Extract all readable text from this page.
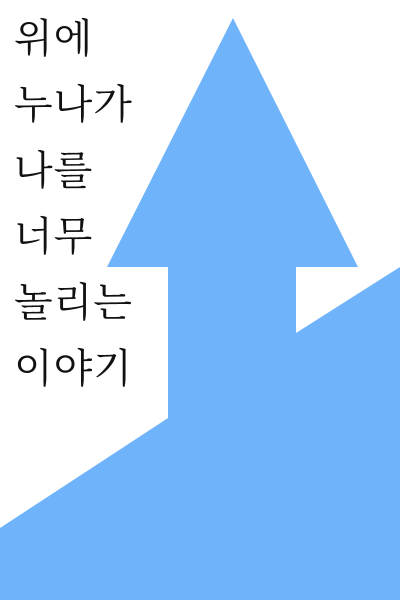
위에
누나가
나를
너무
놀리는
이야기
